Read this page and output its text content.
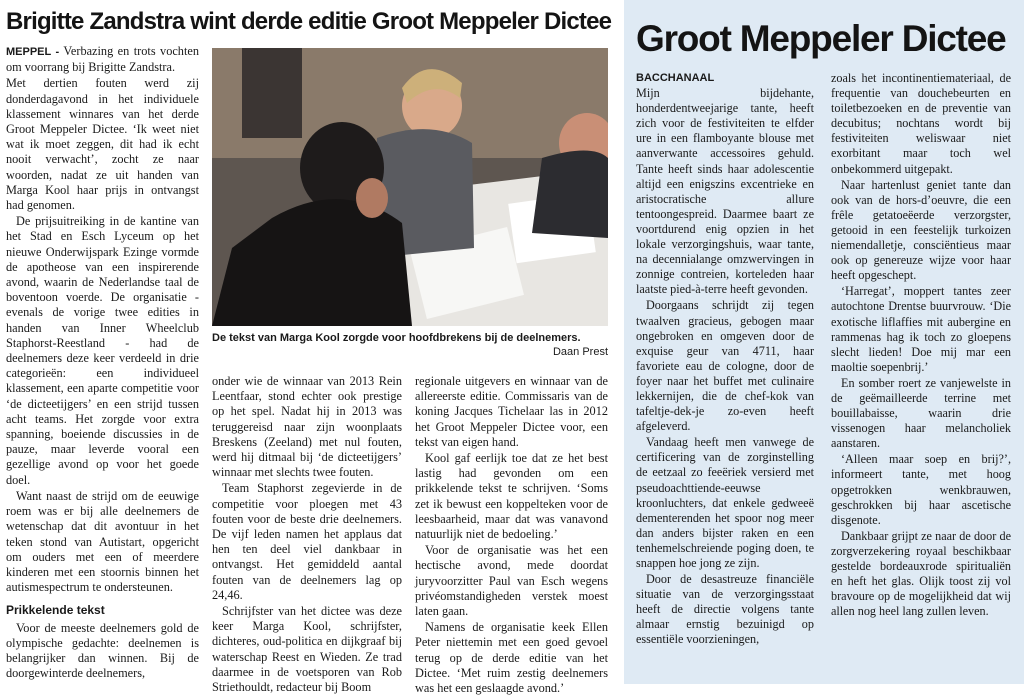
Brigitte Zandstra wint derde editie Groot Meppeler Dictee

MEPPEL - Verbazing en trots vochten om voorrang bij Brigitte Zandstra.

Met dertien fouten werd zij donderdagavond in het individuele klassement winnares van het derde Groot Meppeler Dictee. ‘Ik weet niet wat ik moet zeggen, dit had ik echt nooit verwacht’, zocht ze naar woorden, nadat ze uit handen van Marga Kool haar prijs in ontvangst had genomen.

De prijsuitreiking in de kantine van het Stad en Esch Lyceum op het nieuwe Onderwijspark Ezinge vormde de apotheose van een inspirerende avond, waarin de Nederlandse taal de boventoon voerde. De organisatie - evenals de vorige twee edities in handen van Inner Wheelclub Staphorst-Reestland - had de deelnemers deze keer verdeeld in drie categorieën: een individueel klassement, een aparte competitie voor ‘de dicteetijgers’ en een strijd tussen acht teams. Het zorgde voor extra spanning, boeiende discussies in de pauze, maar leverde vooral een gezellige avond op voor het goede doel.

Want naast de strijd om de eeuwige roem was er bij alle deelnemers de wetenschap dat dit avontuur in het teken stond van Autistart, opgericht om ouders met een of meerdere kinderen met een stoornis binnen het autismespectrum te ondersteunen.

Prikkelende tekst

Voor de meeste deelnemers gold de olympische gedachte: deelnemen is belangrijker dan winnen. Bij de doorgewinterde deelnemers,

De tekst van Marga Kool zorgde voor hoofdbrekens bij de deelnemers.
Daan Prest

onder wie de winnaar van 2013 Rein Leentfaar, stond echter ook prestige op het spel. Nadat hij in 2013 was teruggereisd naar zijn woonplaats Breskens (Zeeland) met nul fouten, werd hij ditmaal bij ‘de dicteetijgers’ winnaar met slechts twee fouten.

Team Staphorst zegevierde in de competitie voor ploegen met 43 fouten voor de beste drie deelnemers. De vijf leden namen het applaus dat hen ten deel viel dankbaar in ontvangst. Het gemiddeld aantal fouten van de deelnemers lag op 24,46.

Schrijfster van het dictee was deze keer Marga Kool, schrijfster, dichteres, oud-politica en dijkgraaf bij waterschap Reest en Wieden. Ze trad daarmee in de voetsporen van Rob Striethouldt, redacteur bij Boom

regionale uitgevers en winnaar van de allereerste editie. Commissaris van de koning Jacques Tichelaar las in 2012 het Groot Meppeler Dictee voor, een tekst van eigen hand.

Kool gaf eerlijk toe dat ze het best lastig had gevonden om een prikkelende tekst te schrijven. ‘Soms zet ik bewust een koppelteken voor de leesbaarheid, maar dat was vanavond natuurlijk niet de bedoeling.’

Voor de organisatie was het een hectische avond, mede doordat juryvoorzitter Paul van Esch wegens privéomstandigheden verstek moest laten gaan.

Namens de organisatie keek Ellen Peter niettemin met een goed gevoel terug op de derde editie van het Dictee. ‘Met ruim zestig deelnemers was het een geslaagde avond.’

Groot Meppeler Dictee
BACCHANAAL

Mijn bijdehante, honderdentweejarige tante, heeft zich voor de festiviteiten te elfder ure in een flamboyante blouse met aanverwante accessoires gehuld. Tante heeft sinds haar adolescentie altijd een enigszins excentrieke en aristocratische allure tentoongespreid. Daarmee baart ze voortdurend enig opzien in het lokale verzorgingshuis, waar tante, na decennialange omzwervingen in zonnige contreien, korteleden haar laatste pied-à-terre heeft gevonden.

Doorgaans schrijdt zij tegen twaalven gracieus, gebogen maar ongebroken en omgeven door de exquise geur van 4711, haar favoriete eau de cologne, door de foyer naar het buffet met culinaire lekkernijen, die de chef-kok van tafeltje-dek-je zo-even heeft afgeleverd.

Vandaag heeft men vanwege de certificering van de zorginstelling de eetzaal zo feeëriek versierd met pseudoachttiende-eeuwse kroonluchters, dat enkele gedweeë dementerenden het spoor nog meer dan anders bijster raken en een tenhemelschreiende poging doen, te snappen hoe jong ze zijn.

Door de desastreuze financiële situatie van de verzorgingsstaat heeft de directie volgens tante almaar ernstig bezuinigd op essentiële voorzieningen,

zoals het incontinentiemateriaal, de frequentie van douchebeurten en toiletbezoeken en de preventie van decubitus; nochtans wordt bij festiviteiten weliswaar niet exorbitant maar toch wel onbekommerd uitgepakt.

Naar hartenlust geniet tante dan ook van de hors-d’oeuvre, die een frêle getatoeëerde verzorgster, getooid in een feestelijk turkoizen niemendalletje, consciëntieus maar ook op genereuze wijze voor haar heeft opgeschept.

‘Harregat’, moppert tantes zeer autochtone Drentse buurvrouw. ‘Die exotische liflaffies mit aubergine en rammenas hag ik toch zo gloepens slecht lieden! Doe mij mar een maoltie soepenbrij.’

En somber roert ze vanjewelste in de geëmailleerde terrine met bouillabaisse, waarin drie vissenogen haar melancholiek aanstaren.

‘Alleen maar soep en brij?’, informeert tante, met hoog opgetrokken wenkbrauwen, geschrokken bij haar ascetische disgenote.

Dankbaar grijpt ze naar de door de zorgverzekering royaal beschikbaar gestelde bordeauxrode spiritualiën en heft het glas. Olijk toost zij vol bravoure op de mogelijkheid dat wij allen nog heel lang zullen leven.
